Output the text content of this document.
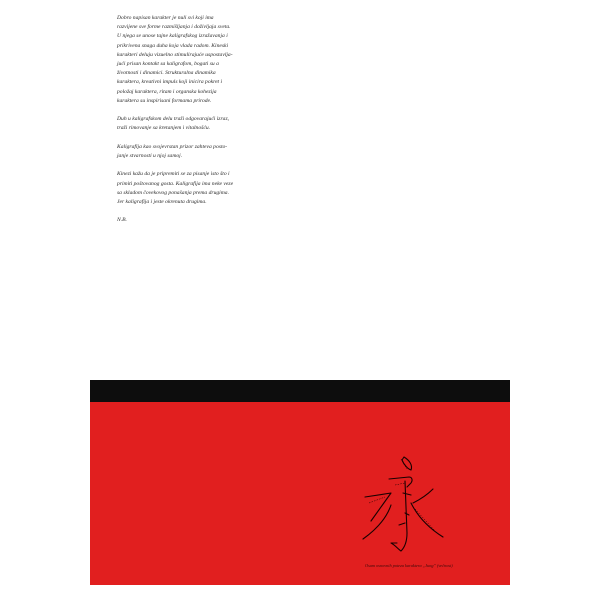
Dobro napisan karakter je nuli svi koji ima
razvijene sve forme razmišljanja i doživljaja sveta.
U njega se unose tajne kaligrafskog izražavanja i
prikrivena snaga duha koja vlada radom. Kineski
karakteri deluju vizuelno stimulirajuće uspostavlja-
jući prisan kontakt sa kaligrafom, bogati su a
životnosti i dinamici. Strukturalna dinamika
karaktera, kreativni impuls koji inicira pokret i
položaj karaktera, ritam i organska kohezija
karaktera su inspirisani formama prirode.

Duh u kaligrafskom delu traži odgovarajući izraz,
traži rimovanje sa kretanjem i vitalnošću.

Kaligrafija kao svojevrstan prizor zahteva posto-
janje stvarnosti u njoj samoj.

Kinezi kažu da je pripremiti se za pisanje isto što i
primiti poštovanog gosta. Kaligrafija ima neke veze
sa skladom čovekovog ponašanja prema drugima.
Jer kaligrafija i jeste okrenuta drugima.

N.B.

Osam osnovnih poteza karaktera „Jung” (večnost)
